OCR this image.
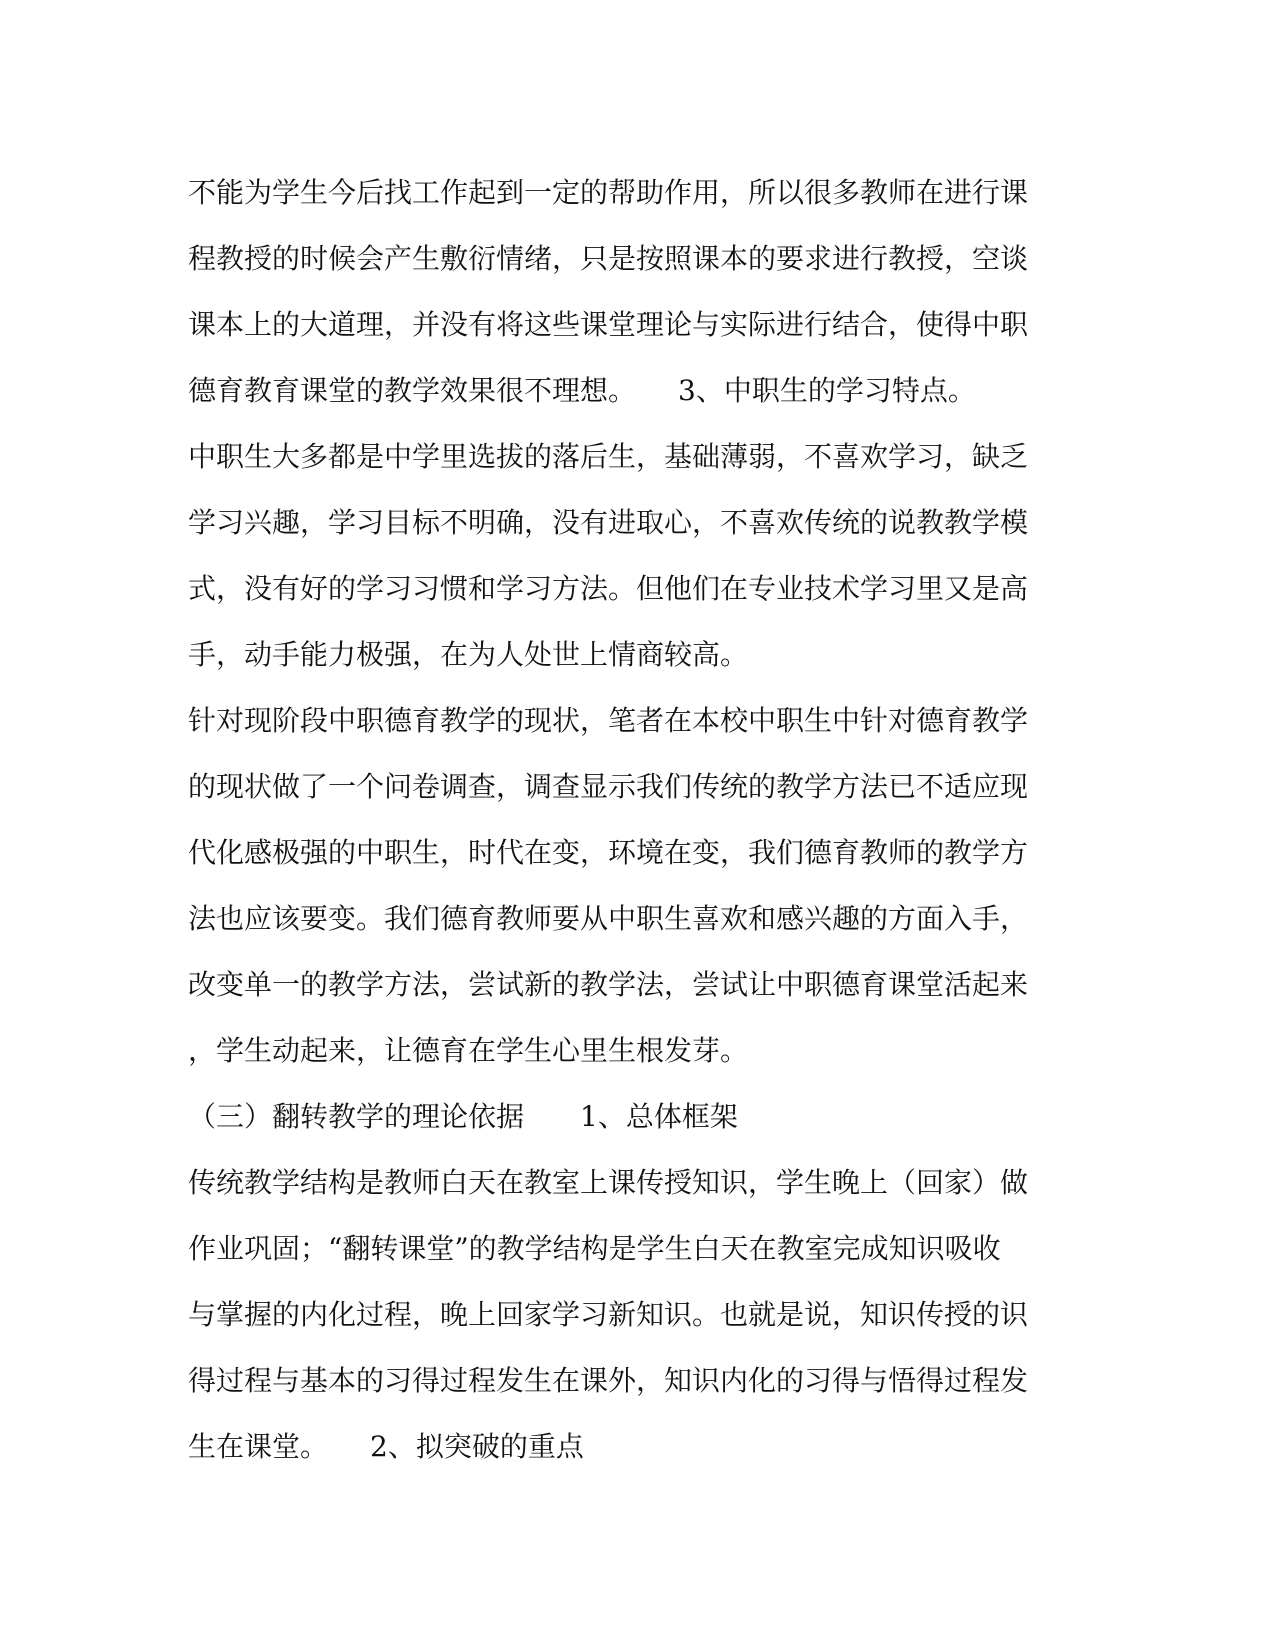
不能为学生今后找工作起到一定的帮助作用，所以很多教师在进行课

程教授的时候会产生敷衍情绪，只是按照课本的要求进行教授，空谈

课本上的大道理，并没有将这些课堂理论与实际进行结合，使得中职

德育教育课堂的教学效果很不理想。　　3、中职生的学习特点。

中职生大多都是中学里选拔的落后生，基础薄弱，不喜欢学习，缺乏

学习兴趣，学习目标不明确，没有进取心，不喜欢传统的说教教学模

式，没有好的学习习惯和学习方法。但他们在专业技术学习里又是高

手，动手能力极强，在为人处世上情商较高。

针对现阶段中职德育教学的现状，笔者在本校中职生中针对德育教学

的现状做了一个问卷调查，调查显示我们传统的教学方法已不适应现

代化感极强的中职生，时代在变，环境在变，我们德育教师的教学方

法也应该要变。我们德育教师要从中职生喜欢和感兴趣的方面入手，

改变单一的教学方法，尝试新的教学法，尝试让中职德育课堂活起来

，学生动起来，让德育在学生心里生根发芽。

（三）翻转教学的理论依据　　1、总体框架

传统教学结构是教师白天在教室上课传授知识，学生晚上（回家）做

作业巩固；“翻转课堂”的教学结构是学生白天在教室完成知识吸收

与掌握的内化过程，晚上回家学习新知识。也就是说，知识传授的识

得过程与基本的习得过程发生在课外，知识内化的习得与悟得过程发

生在课堂。　　2、拟突破的重点
